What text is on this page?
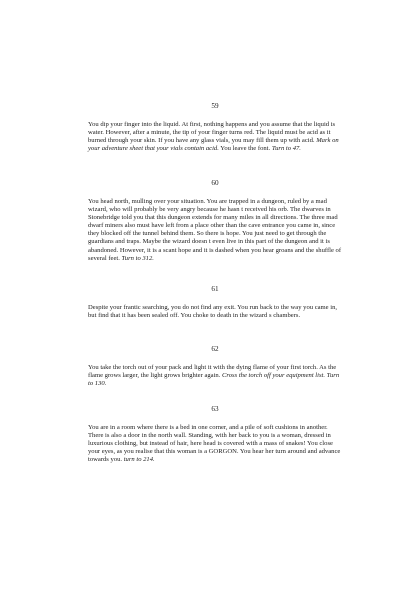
59

You dip your finger into the liquid. At first, nothing happens and you assume that the liquid is water. However, after a minute, the tip of your finger turns red. The liquid must be acid as it burned through your skin. If you have any glass vials, you may fill them up with acid. Mark on your adventure sheet that your vials contain acid. You leave the font. Turn to 47.

60

You head north, mulling over your situation. You are trapped in a dungeon, ruled by a mad wizard, who will probably be very angry because he hasn t received his orb. The dwarves in Stonebridge told you that this dungeon extends for many miles in all directions. The three mad dwarf miners also must have left from a place other than the cave entrance you came in, since they blocked off the tunnel behind them. So there is hope. You just need to get through the guardians and traps. Maybe the wizard doesn t even live in this part of the dungeon and it is abandoned. However, it is a scant hope and it is dashed when you hear groans and the shuffle of several feet. Turn to 312.

61

Despite your frantic searching, you do not find any exit. You run back to the way you came in, but find that it has been sealed off. You choke to death in the wizard s chambers.

62

You take the torch out of your pack and light it with the dying flame of your first torch. As the flame grows larger, the light grows brighter again. Cross the torch off your equipment list. Turn to 130.

63

You are in a room where there is a bed in one corner, and a pile of soft cushions in another. There is also a door in the north wall. Standing, with her back to you is a woman, dressed in luxurious clothing, but instead of hair, here head is covered with a mass of snakes! You close your eyes, as you realise that this woman is a GORGON. You hear her turn around and advance towards you. turn to 214.
